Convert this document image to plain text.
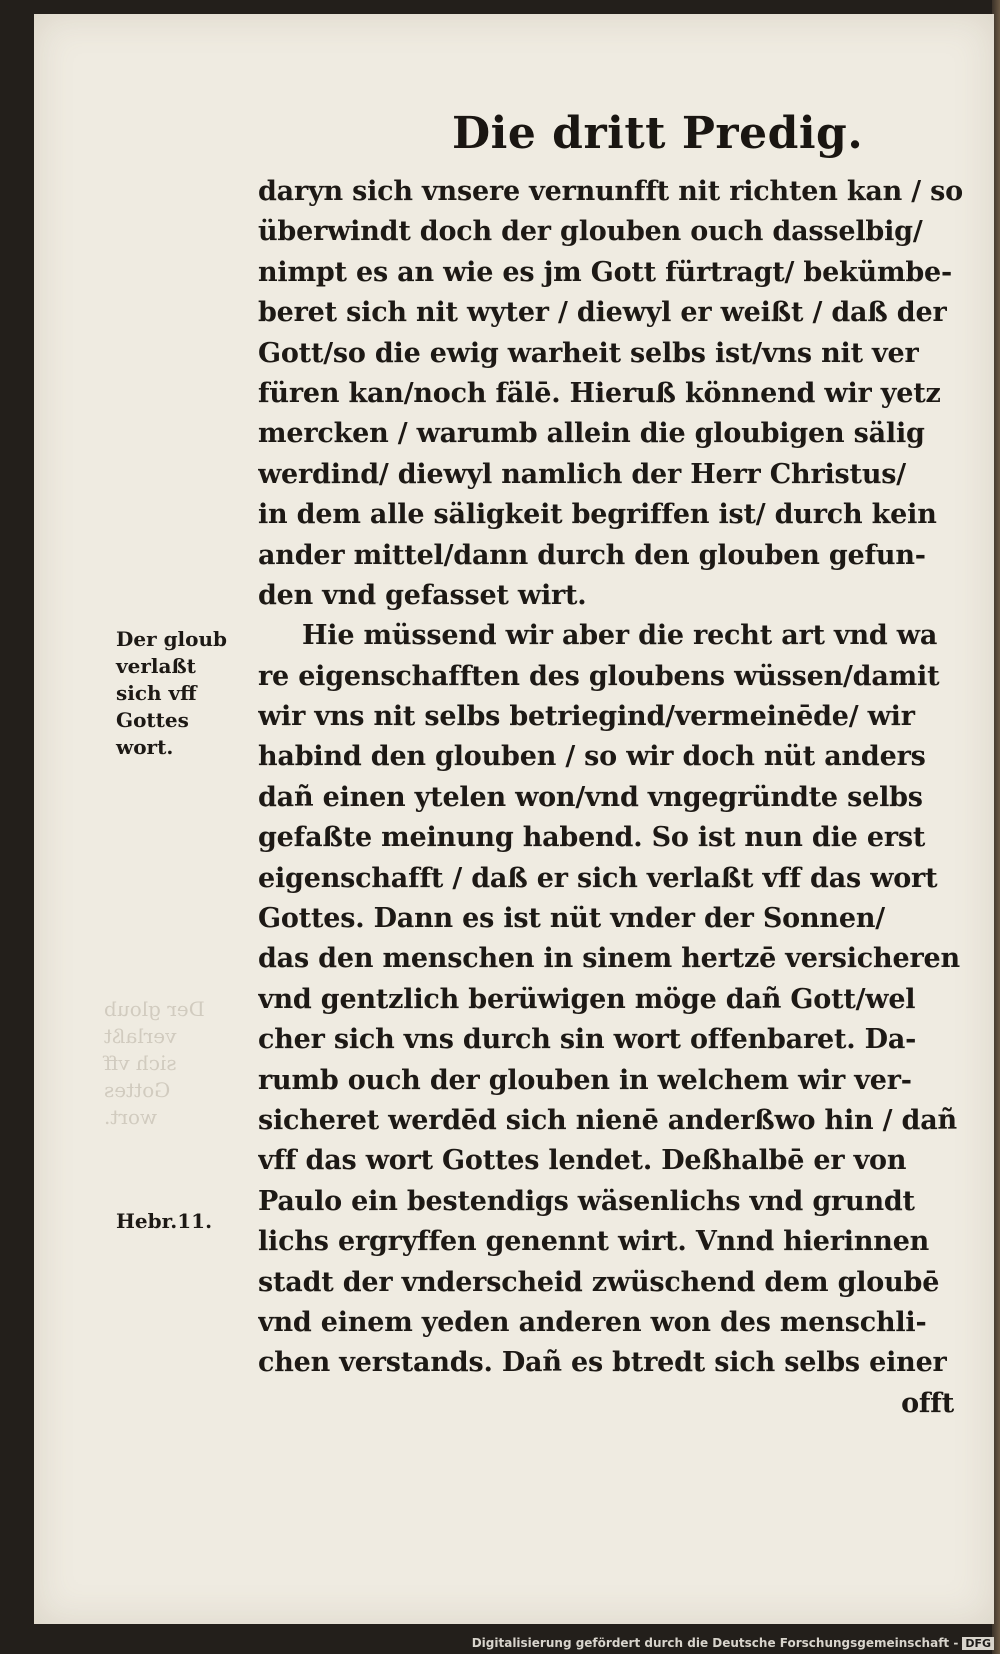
Die dritt Predig.
Der gloub
verlaßt
sich vff
Gottes
wort.
Der gloub
verlaßt
sich vff
Gottes
wort.
Hebr.11.
daryn sich vnsere vernunfft nit richten kan / so
überwindt doch der glouben ouch dasselbig/
nimpt es an wie es jm Gott fürtragt/ bekümbe-
beret sich nit wyter / diewyl er weißt / daß der
Gott/so die ewig warheit selbs ist/vns nit ver
füren kan/noch fälē. Hieruß könnend wir yetz
mercken / warumb allein die gloubigen sälig
werdind/ diewyl namlich der Herr Christus/
in dem alle säligkeit begriffen ist/ durch kein
ander mittel/dann durch den glouben gefun-
den vnd gefasset wirt.
Hie müssend wir aber die recht art vnd wa
re eigenschafften des gloubens wüssen/damit
wir vns nit selbs betriegind/vermeinēde/ wir
habind den glouben / so wir doch nüt anders
dañ einen ytelen won/vnd vngegründte selbs
gefaßte meinung habend. So ist nun die erst
eigenschafft / daß er sich verlaßt vff das wort
Gottes. Dann es ist nüt vnder der Sonnen/
das den menschen in sinem hertzē versicheren
vnd gentzlich berüwigen möge dañ Gott/wel
cher sich vns durch sin wort offenbaret. Da-
rumb ouch der glouben in welchem wir ver-
sicheret werdēd sich nienē anderßwo hin / dañ
vff das wort Gottes lendet. Deßhalbē er von
Paulo ein bestendigs wäsenlichs vnd grundt
lichs ergryffen genennt wirt. Vnnd hierinnen
stadt der vnderscheid zwüschend dem gloubē
vnd einem yeden anderen won des menschli-
chen verstands. Dañ es btredt sich selbs einer
offt
Digitalisierung gefördert durch die Deutsche Forschungsgemeinschaft - DFG
